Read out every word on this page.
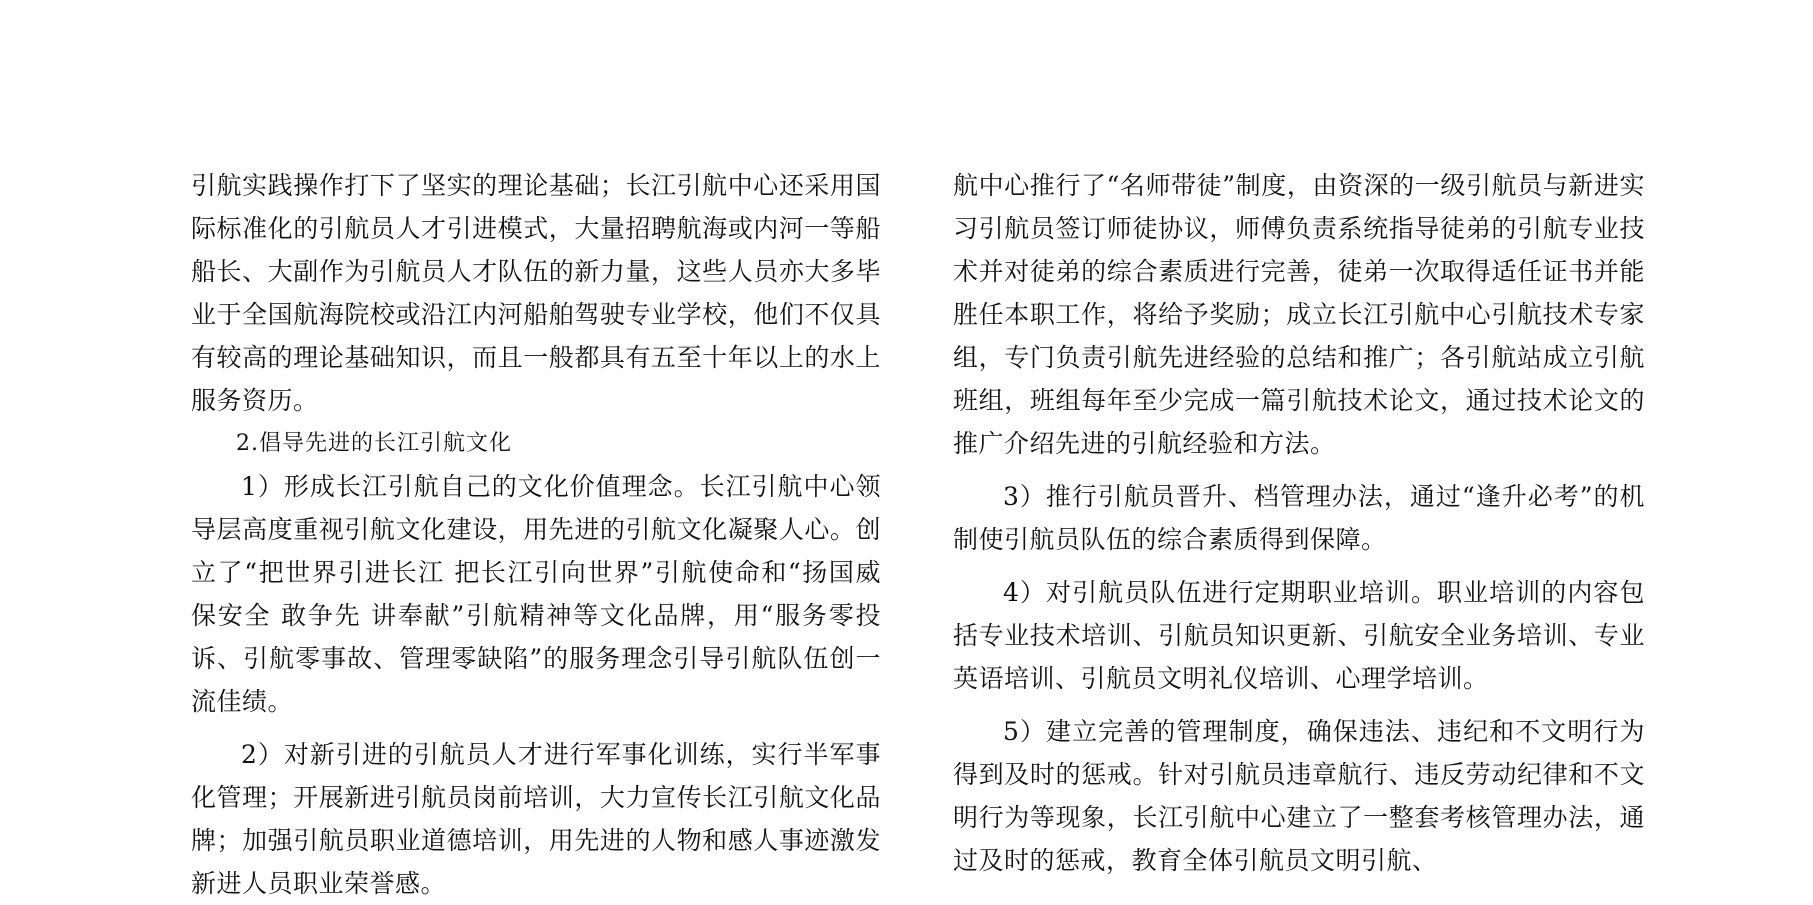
引航实践操作打下了坚实的理论基础；长江引航中心还采用国际标准化的引航员人才引进模式，大量招聘航海或内河一等船船长、大副作为引航员人才队伍的新力量，这些人员亦大多毕业于全国航海院校或沿江内河船舶驾驶专业学校，他们不仅具有较高的理论基础知识，而且一般都具有五至十年以上的水上服务资历。

2.倡导先进的长江引航文化

1）形成长江引航自己的文化价值理念。长江引航中心领导层高度重视引航文化建设，用先进的引航文化凝聚人心。创立了“把世界引进长江 把长江引向世界”引航使命和“扬国威 保安全 敢争先 讲奉献”引航精神等文化品牌，用“服务零投诉、引航零事故、管理零缺陷”的服务理念引导引航队伍创一流佳绩。

2）对新引进的引航员人才进行军事化训练，实行半军事化管理；开展新进引航员岗前培训，大力宣传长江引航文化品牌；加强引航员职业道德培训，用先进的人物和感人事迹激发新进人员职业荣誉感。

航中心推行了“名师带徒”制度，由资深的一级引航员与新进实习引航员签订师徒协议，师傅负责系统指导徒弟的引航专业技术并对徒弟的综合素质进行完善，徒弟一次取得适任证书并能胜任本职工作，将给予奖励；成立长江引航中心引航技术专家组，专门负责引航先进经验的总结和推广；各引航站成立引航班组，班组每年至少完成一篇引航技术论文，通过技术论文的推广介绍先进的引航经验和方法。

3）推行引航员晋升、档管理办法，通过“逢升必考”的机制使引航员队伍的综合素质得到保障。

4）对引航员队伍进行定期职业培训。职业培训的内容包括专业技术培训、引航员知识更新、引航安全业务培训、专业英语培训、引航员文明礼仪培训、心理学培训。

5）建立完善的管理制度，确保违法、违纪和不文明行为得到及时的惩戒。针对引航员违章航行、违反劳动纪律和不文明行为等现象，长江引航中心建立了一整套考核管理办法，通过及时的惩戒，教育全体引航员文明引航、
